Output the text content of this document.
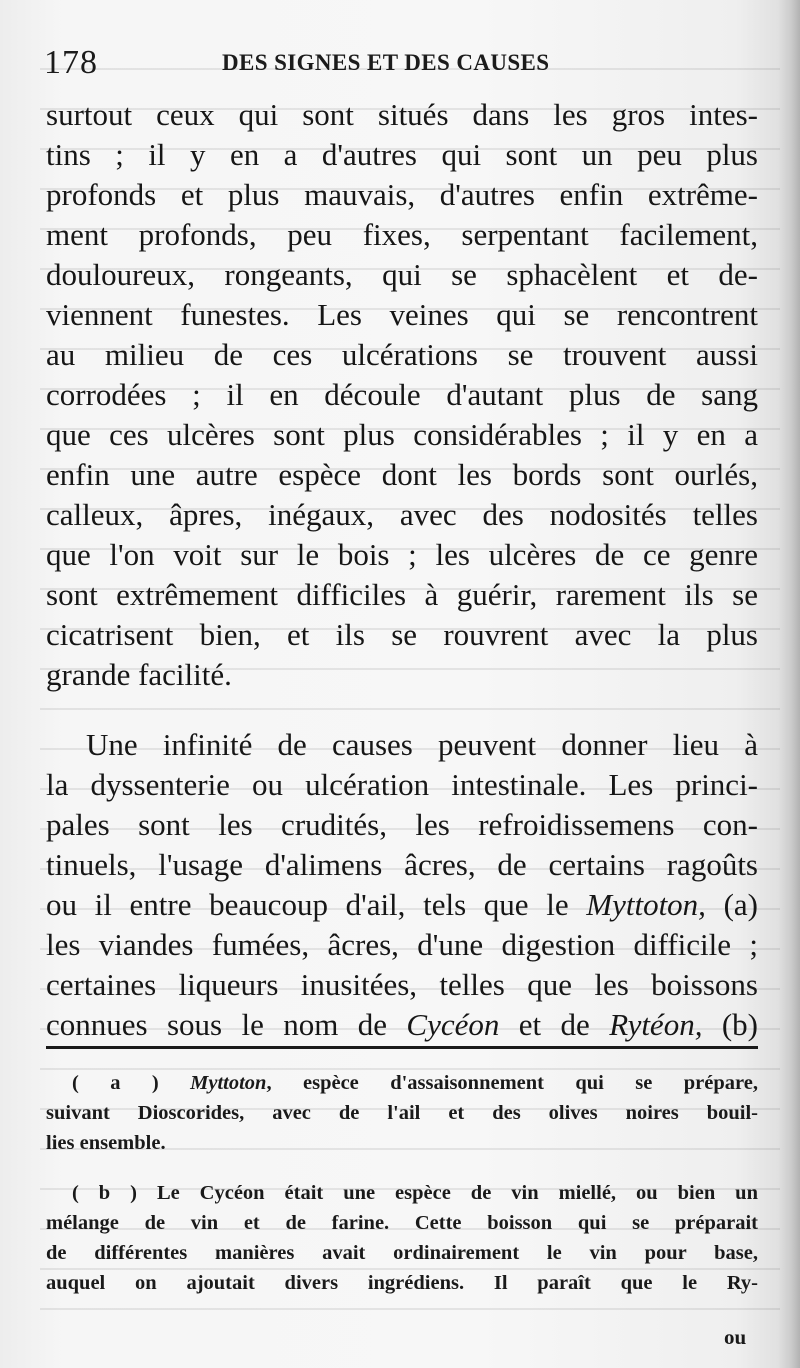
178	DES SIGNES ET DES CAUSES
surtout ceux qui sont situés dans les gros intes-
tins ; il y en a d'autres qui sont un peu plus
profonds et plus mauvais, d'autres enfin extrême-
ment profonds, peu fixes, serpentant facilement,
douloureux, rongeants, qui se sphacèlent et de-
viennent funestes. Les veines qui se rencontrent
au milieu de ces ulcérations se trouvent aussi
corrodées ; il en découle d'autant plus de sang
que ces ulcères sont plus considérables ; il y en a
enfin une autre espèce dont les bords sont ourlés,
calleux, âpres, inégaux, avec des nodosités telles
que l'on voit sur le bois ; les ulcères de ce genre
sont extrêmement difficiles à guérir, rarement ils se
cicatrisent bien, et ils se rouvrent avec la plus
grande facilité.
Une infinité de causes peuvent donner lieu à
la dyssenterie ou ulcération intestinale. Les princi-
pales sont les crudités, les refroidissemens con-
tinuels, l'usage d'alimens âcres, de certains ragoûts
ou il entre beaucoup d'ail, tels que le Myttoton, (a)
les viandes fumées, âcres, d'une digestion difficile ;
certaines liqueurs inusitées, telles que les boissons
connues sous le nom de Cycéon et de Rytéon, (b)
( a ) Myttoton, espèce d'assaisonnement qui se prépare,
suivant Dioscorides, avec de l'ail et des olives noires bouil-
lies ensemble.
( b ) Le Cycéon était une espèce de vin miellé, ou bien un
mélange de vin et de farine. Cette boisson qui se préparait
de différentes manières avait ordinairement le vin pour base,
auquel on ajoutait divers ingrédiens. Il paraît que le Ry-
ou
